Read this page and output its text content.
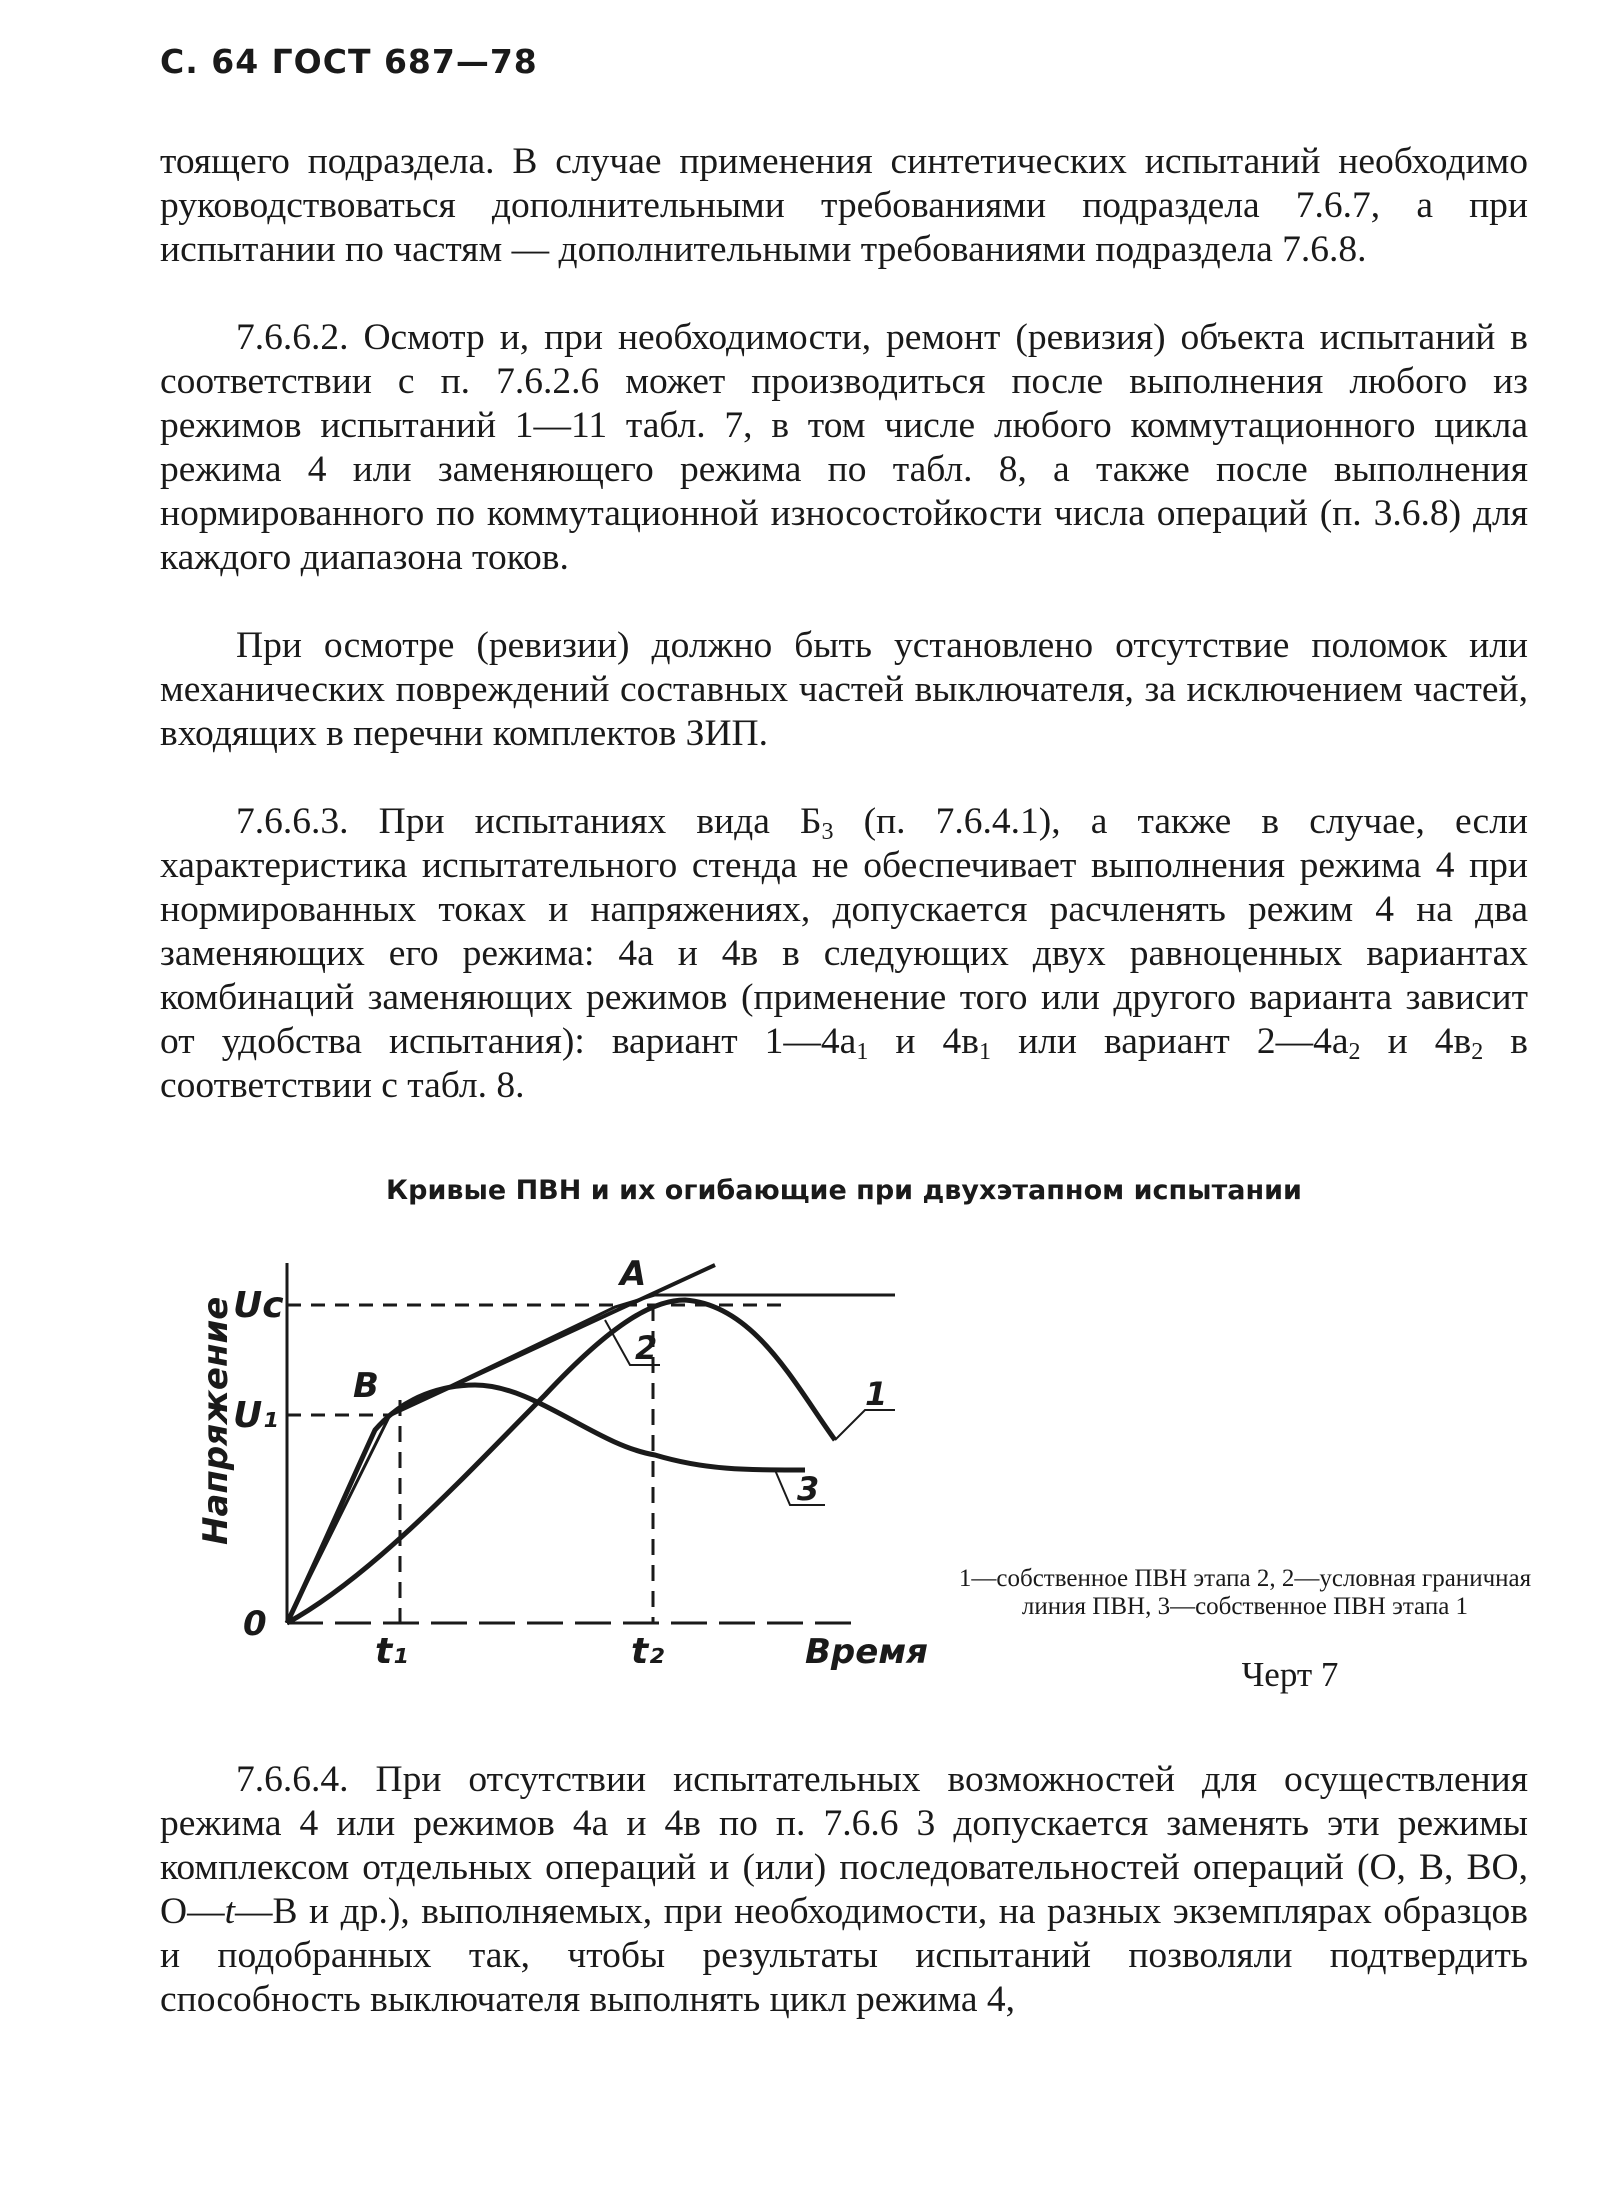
С. 64 ГОСТ 687—78

тоящего подраздела. В случае применения синтетических испытаний необходимо руководствоваться дополнительными требованиями подраздела 7.6.7, а при испытании по частям — дополнительными требованиями подраздела 7.6.8.

7.6.6.2. Осмотр и, при необходимости, ремонт (ревизия) объекта испытаний в соответствии с п. 7.6.2.6 может производиться после выполнения любого из режимов испытаний 1—11 табл. 7, в том числе любого коммутационного цикла режима 4 или заменяющего режима по табл. 8, а также после выполнения нормированного по коммутационной износостойкости числа операций (п. 3.6.8) для каждого диапазона токов.

При осмотре (ревизии) должно быть установлено отсутствие поломок или механических повреждений составных частей выключателя, за исключением частей, входящих в перечни комплектов ЗИП.

7.6.6.3. При испытаниях вида $Б_3$ (п. 7.6.4.1), а также в случае, если характеристика испытательного стенда не обеспечивает выполнения режима 4 при нормированных токах и напряжениях, допускается расчленять режим 4 на два заменяющих его режима: 4а и 4в в следующих двух равноценных вариантах комбинаций заменяющих режимов (применение того или другого варианта зависит от удобства испытания): вариант $1—4а_1$ и $4в_1$ или вариант $2—4а_2$ и $4в_2$ в соответствии с табл. 8.

Кривые ПВН и их огибающие при двухэтапном испытании
Напряжение
Время
t₁	t₂
Uc
U₁
0
A
B	1
2
3

1—собственное ПВН этапа 2, 2—условная граничная линия ПВН, 3—собственное ПВН этапа 1

Черт 7

7.6.6.4. При отсутствии испытательных возможностей для осуществления режима 4 или режимов 4а и 4в по п. 7.6.6 3 допускается заменять эти режимы комплексом отдельных операций и (или) последовательностей операций (О, В, ВО, О—t—В и др.), выполняемых, при необходимости, на разных экземплярах образцов и подобранных так, чтобы результаты испытаний позволяли подтвердить способность выключателя выполнять цикл режима 4,
